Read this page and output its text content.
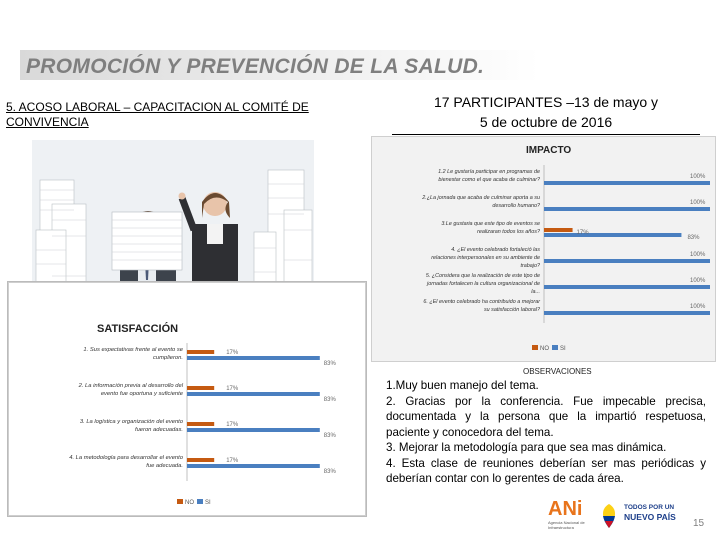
PROMOCIÓN Y PREVENCIÓN DE LA SALUD.
5. ACOSO LABORAL – CAPACITACION AL COMITÉ DE CONVIVENCIA
17 PARTICIPANTES –13 de mayo y
5 de octubre de 2016
SATISFACCIÓN
1. Sus expectativas frente al evento se
cumplieron.
17%
83%
2. La información previa al desarrollo del
evento fue oportuna y suficiente
17%
83%
3. La logística y organización del evento
fueron adecuadas.
17%
83%
4. La metodología para desarrollar el evento
fue adecuada.
17%
83%
NO SI
IMPACTO
1.2 Le gustaría participar en programas de
bienestar como el que acaba de culminar?	100%
2.¿La jornada que acaba de culminar aporta a su
desarrollo humano?	100%
3.Le gustaria que este tipo de eventos se
realizaran todos los años?	17%
83%
4. ¿El evento celebrado fortaleció las
relaciones interpersonales en su ambiente de
trabajo?
100%
5. ¿Considera que la realización de este tipo de
jornadas fortalecen la cultura organizacional de
la...
100%
6. ¿El evento celebrado ha contribuido a mejorar
su satisfacción laboral?	100%
NO SI
OBSERVACIONES
1.Muy buen manejo del tema.
2. Gracias por la conferencia. Fue impecable precisa, documentada y la persona que la impartió respetuosa, paciente y conocedora del tema.
3. Mejorar la metodología para que sea mas dinámica.
4. Esta clase de reuniones deberían ser mas periódicas y deberían contar con lo gerentes de cada área.
ANi
Agencia Nacional de Infraestructura
TODOS POR UN
NUEVO PAÍS
15
